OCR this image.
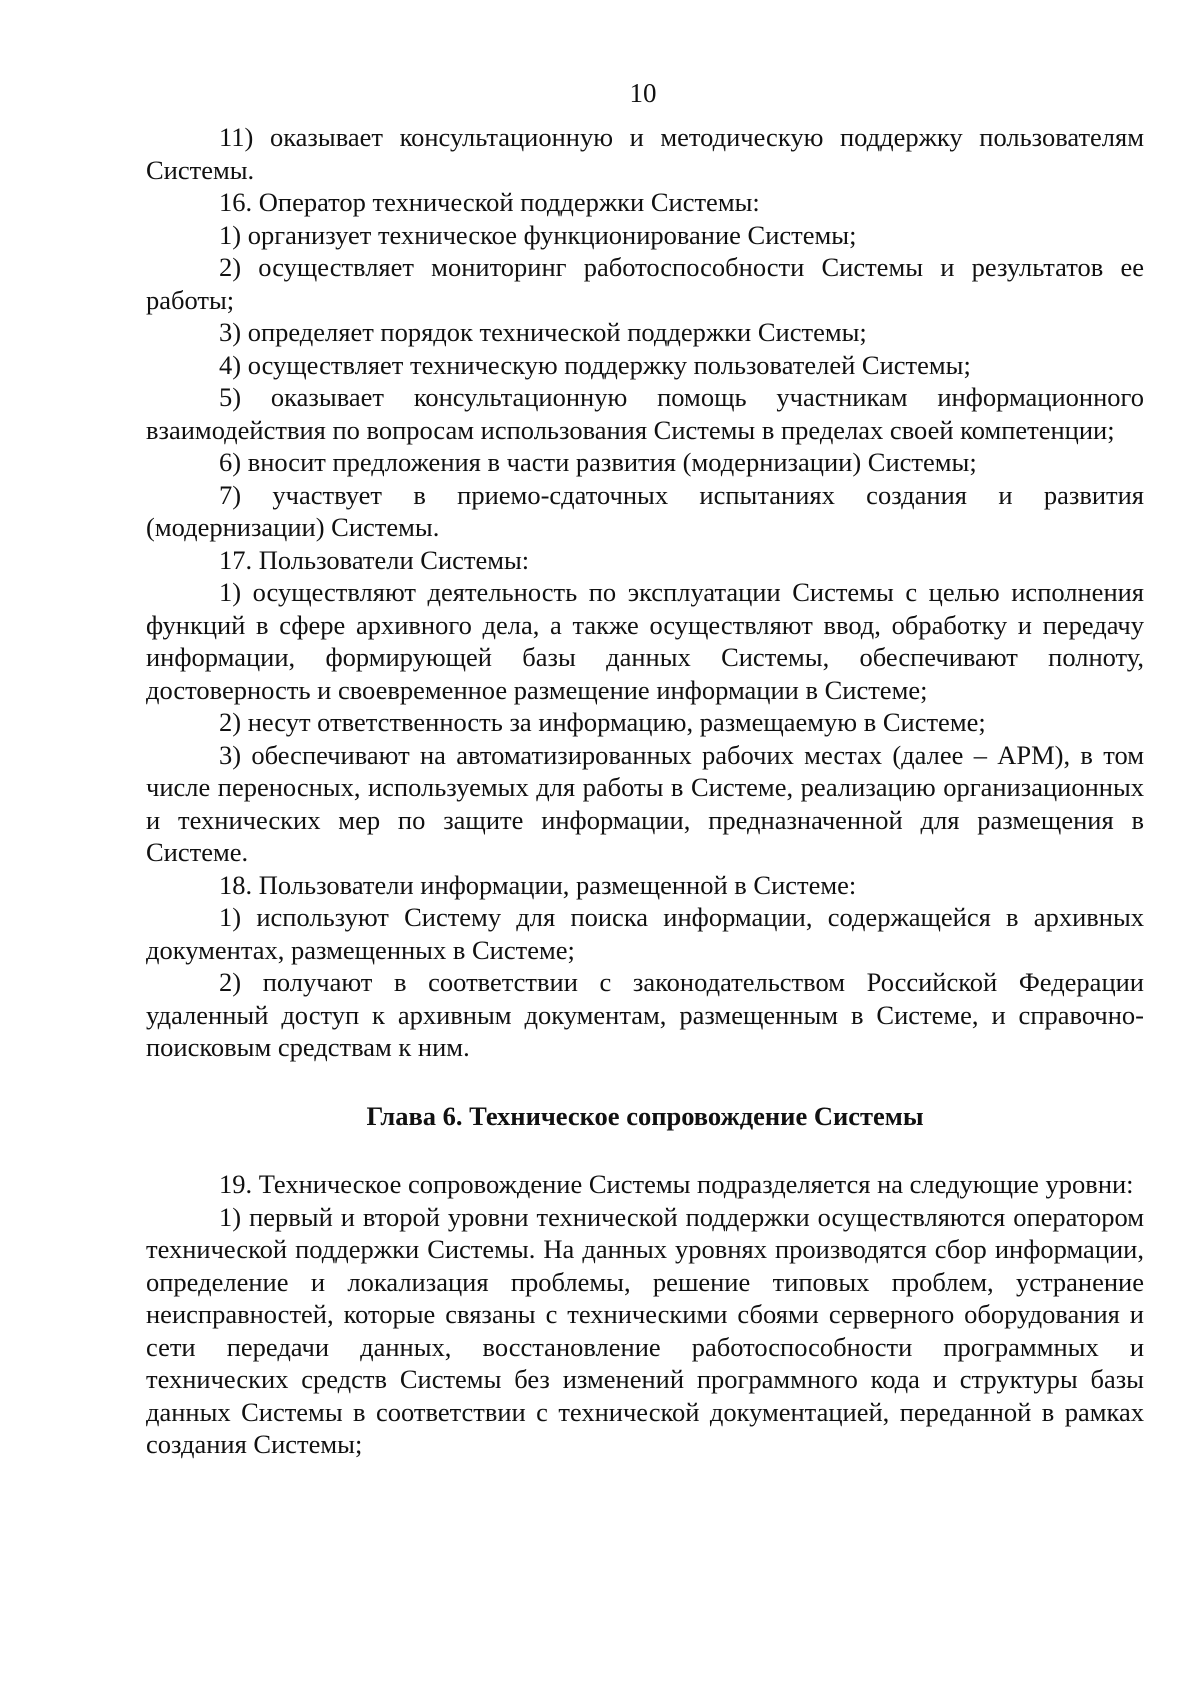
10

11) оказывает консультационную и методическую поддержку пользователям Системы.

16. Оператор технической поддержки Системы:

1) организует техническое функционирование Системы;

2) осуществляет мониторинг работоспособности Системы и результатов ее работы;

3) определяет порядок технической поддержки Системы;

4) осуществляет техническую поддержку пользователей Системы;

5) оказывает консультационную помощь участникам информационного взаимодействия по вопросам использования Системы в пределах своей компетенции;

6) вносит предложения в части развития (модернизации) Системы;

7) участвует в приемо-сдаточных испытаниях создания и развития (модернизации) Системы.

17. Пользователи Системы:

1) осуществляют деятельность по эксплуатации Системы с целью исполнения функций в сфере архивного дела, а также осуществляют ввод, обработку и передачу информации, формирующей базы данных Системы, обеспечивают полноту, достоверность и своевременное размещение информации в Системе;

2) несут ответственность за информацию, размещаемую в Системе;

3) обеспечивают на автоматизированных рабочих местах (далее – АРМ), в том числе переносных, используемых для работы в Системе, реализацию организационных и технических мер по защите информации, предназначенной для размещения в Системе.

18. Пользователи информации, размещенной в Системе:

1) используют Систему для поиска информации, содержащейся в архивных документах, размещенных в Системе;

2) получают в соответствии с законодательством Российской Федерации удаленный доступ к архивным документам, размещенным в Системе, и справочно-поисковым средствам к ним.

Глава 6. Техническое сопровождение Системы

19. Техническое сопровождение Системы подразделяется на следующие уровни:

1) первый и второй уровни технической поддержки осуществляются оператором технической поддержки Системы. На данных уровнях производятся сбор информации, определение и локализация проблемы, решение типовых проблем, устранение неисправностей, которые связаны с техническими сбоями серверного оборудования и сети передачи данных, восстановление работоспособности программных и технических средств Системы без изменений программного кода и структуры базы данных Системы в соответствии с технической документацией, переданной в рамках создания Системы;
